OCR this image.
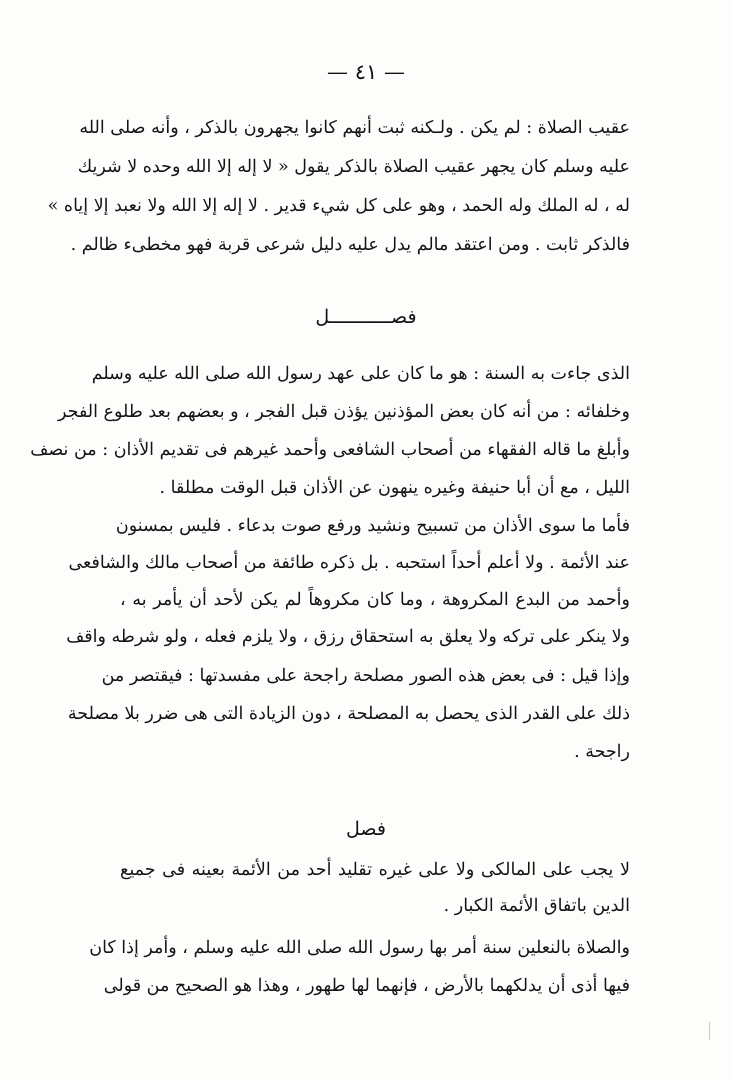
— ٤١ —
عقيب الصلاة : لم يكن . ولـكنه ثبت أنهم كانوا يجهرون بالذكر ، وأنه صلى الله
عليه وسلم كان يجهر عقيب الصلاة بالذكر يقول « لا إله إلا الله وحده لا شريك
له ، له الملك وله الحمد ، وهو على كل شيء قدير . لا إله إلا الله ولا نعبد إلا إياه »
فالذكر ثابت . ومن اعتقد مالم يدل عليه دليل شرعى قربة فهو مخطىء ظالم .
فصـــــــــــل
الذى جاءت به السنة : هو ما كان على عهد رسول الله صلى الله عليه وسلم
وخلفائه : من أنه كان بعض المؤذنين يؤذن قبل الفجر ، و بعضهم بعد طلوع الفجر
وأبلغ ما قاله الفقهاء من أصحاب الشافعى وأحمد غيرهم فى تقديم الأذان : من نصف
الليل ، مع أن أبا حنيفة وغيره ينهون عن الأذان قبل الوقت مطلقا .
فأما ما سوى الأذان من تسبيح ونشيد ورفع صوت بدعاء . فليس بمسنون
عند الأئمة . ولا أعلم أحداً استحبه . بل ذكره طائفة من أصحاب مالك والشافعى
وأحمد من البدع المكروهة ، وما كان مكروهاً لم يكن لأحد أن يأمر به ،
ولا ينكر على تركه ولا يعلق به استحقاق رزق ، ولا يلزم فعله ، ولو شرطه واقف
وإذا قيل : فى بعض هذه الصور مصلحة راجحة على مفسدتها : فيقتصر من
ذلك على القدر الذى يحصل به المصلحة ، دون الزيادة التى هى ضرر بلا مصلحة
راجحة .
فصل
لا يجب على المالكى ولا على غيره تقليد أحد من الأئمة بعينه فى جميع
الدين باتفاق الأئمة الكبار .
والصلاة بالنعلين سنة أمر بها رسول الله صلى الله عليه وسلم ، وأمر إذا كان
فيها أذى أن يدلكهما بالأرض ، فإنهما لها طهور ، وهذا هو الصحيح من قولى
